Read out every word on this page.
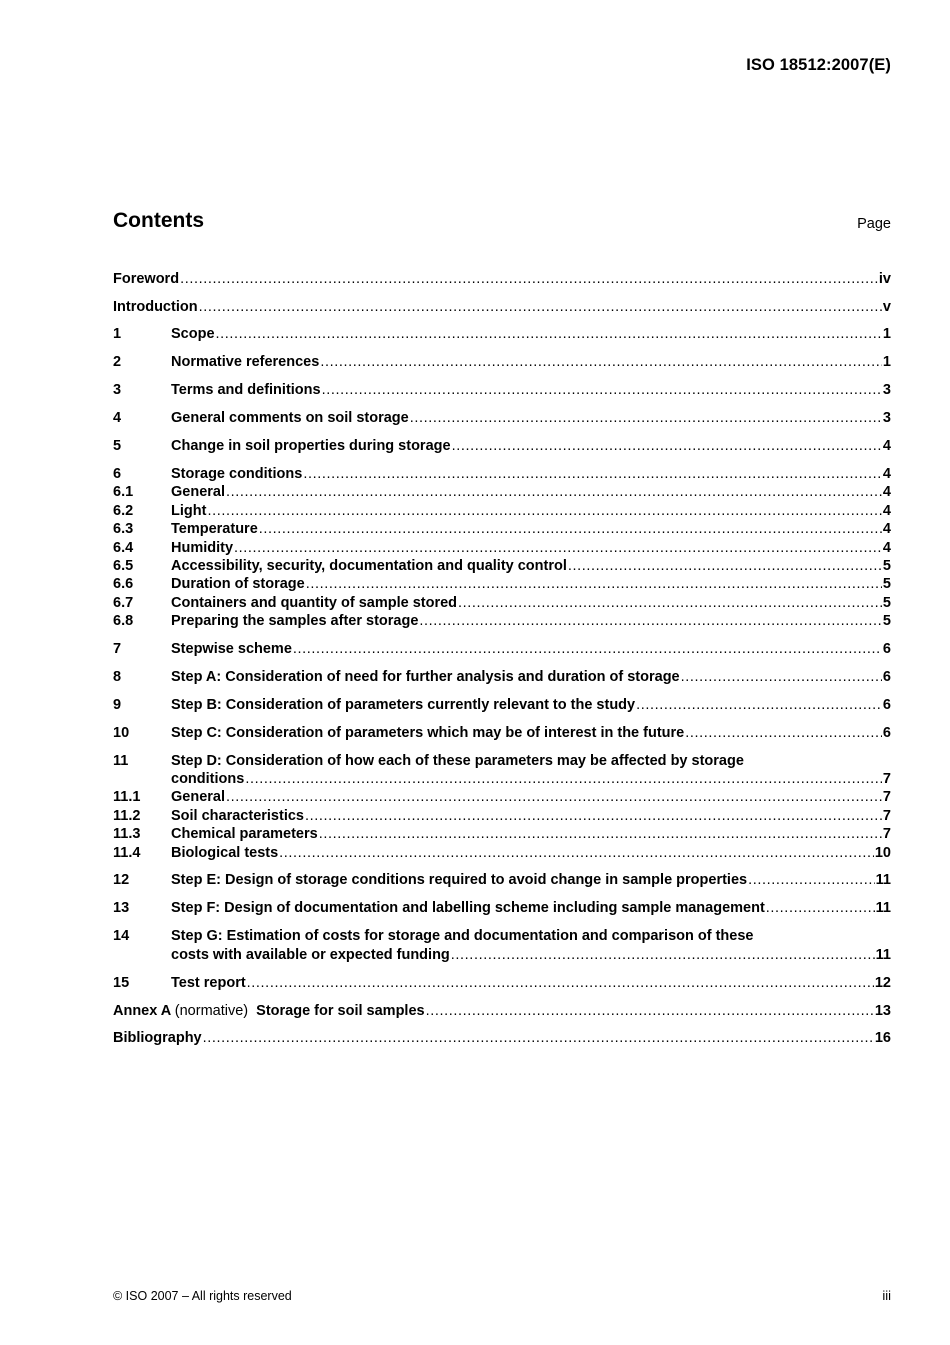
ISO 18512:2007(E)
Contents	Page
Foreword .....	iv
Introduction .....	v
1	Scope .....	1
2	Normative references .....	1
3	Terms and definitions .....	3
4	General comments on soil storage .....	3
5	Change in soil properties during storage .....	4
6	Storage conditions .....	4
6.1	General .....	4
6.2	Light .....	4
6.3	Temperature .....	4
6.4	Humidity .....	4
6.5	Accessibility, security, documentation and quality control .....	5
6.6	Duration of storage .....	5
6.7	Containers and quantity of sample stored .....	5
6.8	Preparing the samples after storage .....	5
7	Stepwise scheme .....	6
8	Step A: Consideration of need for further analysis and duration of storage .....	6
9	Step B: Consideration of parameters currently relevant to the study .....	6
10	Step C: Consideration of parameters which may be of interest in the future .....	6
11	Step D: Consideration of how each of these parameters may be affected by storage
conditions .....	7
11.1 General .....	7
11.2 Soil characteristics .....	7
11.3 Chemical parameters .....	7
11.4 Biological tests .....	10
12	Step E: Design of storage conditions required to avoid change in sample properties .....	11
13	Step F: Design of documentation and labelling scheme including sample management .....	11
14	Step G: Estimation of costs for storage and documentation and comparison of these
costs with available or expected funding .....	11
15	Test report .....	12
Annex A (normative) Storage for soil samples .....	13
Bibliography .....	16
© ISO 2007 – All rights reserved	iii
